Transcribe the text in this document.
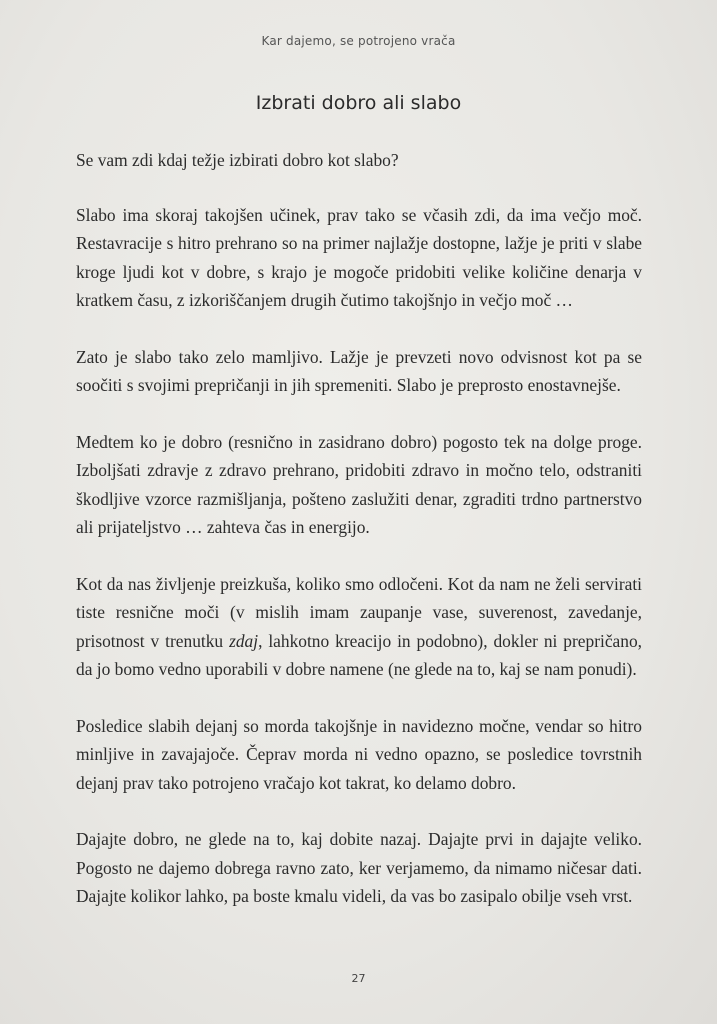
Kar dajemo, se potrojeno vrača
Izbrati dobro ali slabo

Se vam zdi kdaj težje izbirati dobro kot slabo?

Slabo ima skoraj takojšen učinek, prav tako se včasih zdi, da ima večjo moč. Restavracije s hitro prehrano so na primer najlažje dostopne, lažje je priti v slabe kroge ljudi kot v dobre, s krajo je mogoče pridobiti velike količine denarja v kratkem času, z izkoriščanjem drugih čutimo takojšnjo in večjo moč …

Zato je slabo tako zelo mamljivo. Lažje je prevzeti novo odvisnost kot pa se soočiti s svojimi prepričanji in jih spremeniti. Slabo je preprosto enostavnejše.

Medtem ko je dobro (resnično in zasidrano dobro) pogosto tek na dolge proge. Izboljšati zdravje z zdravo prehrano, pridobiti zdravo in močno telo, odstraniti škodljive vzorce razmišljanja, pošteno zaslužiti denar, zgraditi trdno partnerstvo ali prijateljstvo … zahteva čas in energijo.

Kot da nas življenje preizkuša, koliko smo odločeni. Kot da nam ne želi servirati tiste resnične moči (v mislih imam zaupanje vase, suverenost, zavedanje, prisotnost v trenutku zdaj, lahkotno kreacijo in podobno), dokler ni prepričano, da jo bomo vedno uporabili v dobre namene (ne glede na to, kaj se nam ponudi).

Posledice slabih dejanj so morda takojšnje in navidezno močne, vendar so hitro minljive in zavajajoče. Čeprav morda ni vedno opazno, se posledice tovrstnih dejanj prav tako potrojeno vračajo kot takrat, ko delamo dobro.

Dajajte dobro, ne glede na to, kaj dobite nazaj. Dajajte prvi in dajajte veliko. Pogosto ne dajemo dobrega ravno zato, ker verjamemo, da nimamo ničesar dati. Dajajte kolikor lahko, pa boste kmalu videli, da vas bo zasipalo obilje vseh vrst.

27
